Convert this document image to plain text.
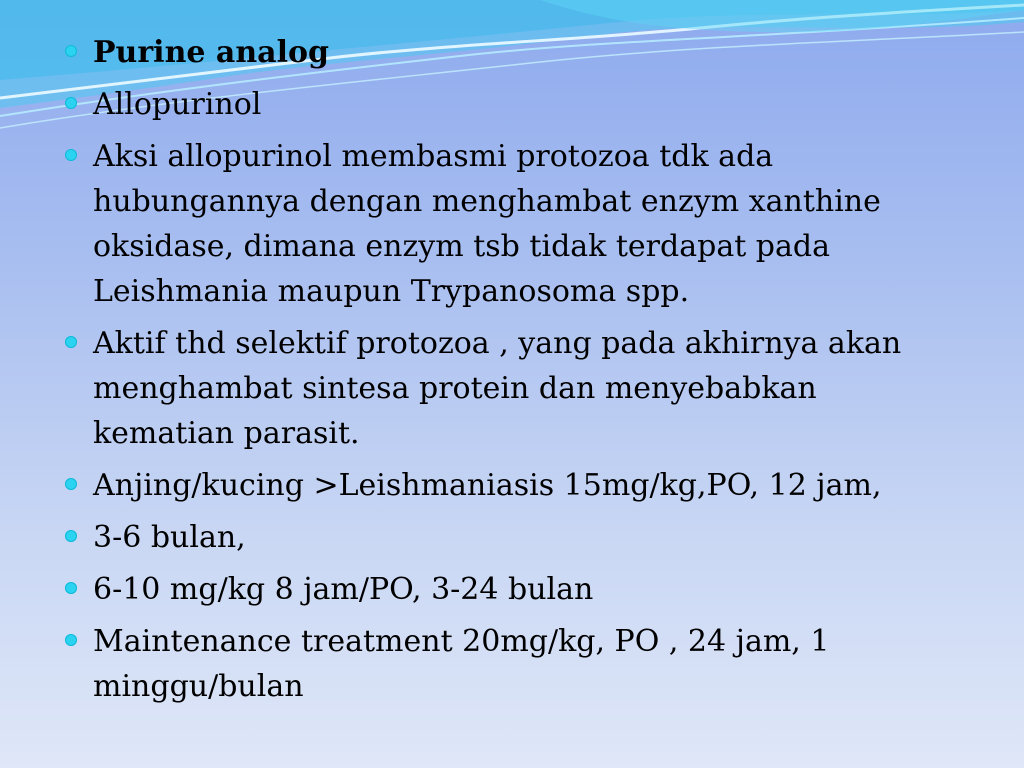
Purine analog
Allopurinol
Aksi allopurinol membasmi protozoa tdk ada hubungannya dengan menghambat enzym xanthine oksidase, dimana enzym tsb tidak terdapat pada Leishmania maupun Trypanosoma spp.
Aktif thd selektif protozoa , yang pada akhirnya akan menghambat sintesa protein dan menyebabkan kematian parasit.
Anjing/kucing >Leishmaniasis 15mg/kg,PO, 12 jam,
3-6 bulan,
6-10 mg/kg 8 jam/PO, 3-24 bulan
Maintenance treatment 20mg/kg, PO , 24 jam, 1 minggu/bulan
